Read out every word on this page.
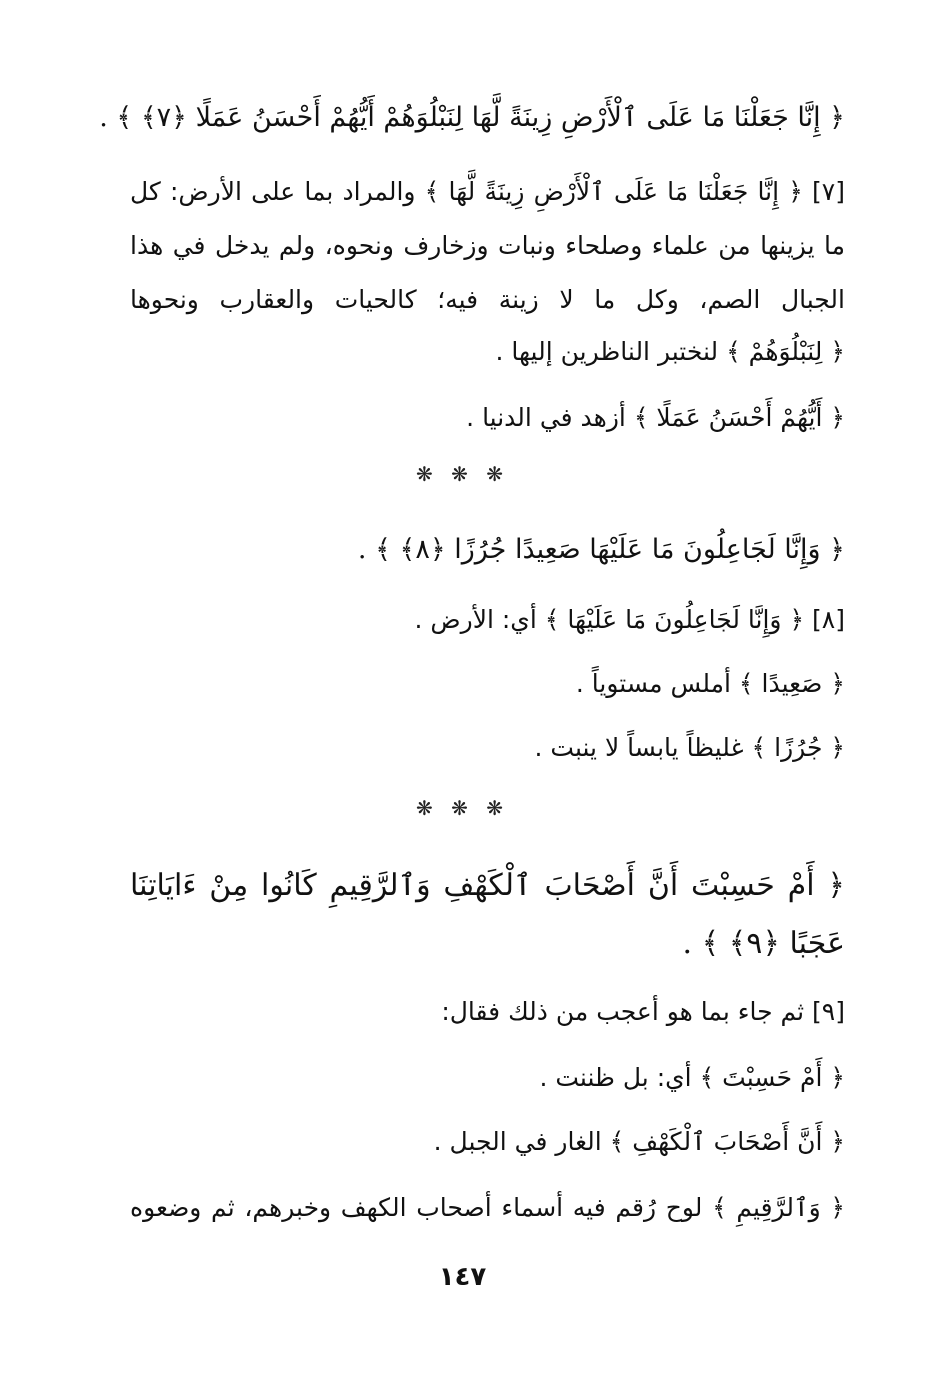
﴿ إِنَّا جَعَلْنَا مَا عَلَى ٱلْأَرْضِ زِينَةً لَّهَا لِنَبْلُوَهُمْ أَيُّهُمْ أَحْسَنُ عَمَلًا ﴿٧﴾ ﴾ .
[٧] ﴿ إِنَّا جَعَلْنَا مَا عَلَى ٱلْأَرْضِ زِينَةً لَّهَا ﴾ والمراد بما على الأرض: كل
ما يزينها من علماء وصلحاء ونبات وزخارف ونحوه، ولم يدخل في هذا
الجبال الصم، وكل ما لا زينة فيه؛ كالحيات والعقارب ونحوها
﴿ لِنَبْلُوَهُمْ ﴾ لنختبر الناظرين إليها .
﴿ أَيُّهُمْ أَحْسَنُ عَمَلًا ﴾ أزهد في الدنيا .
❋ ❋ ❋
﴿ وَإِنَّا لَجَاعِلُونَ مَا عَلَيْهَا صَعِيدًا جُرُزًا ﴿٨﴾ ﴾ .
[٨] ﴿ وَإِنَّا لَجَاعِلُونَ مَا عَلَيْهَا ﴾ أي: الأرض .
﴿ صَعِيدًا ﴾ أملس مستوياً .
﴿ جُرُزًا ﴾ غليظاً يابساً لا ينبت .
❋ ❋ ❋
﴿ أَمْ حَسِبْتَ أَنَّ أَصْحَابَ ٱلْكَهْفِ وَٱلرَّقِيمِ كَانُوا مِنْ ءَايَاتِنَا
عَجَبًا ﴿٩﴾ ﴾ .
[٩] ثم جاء بما هو أعجب من ذلك فقال:
﴿ أَمْ حَسِبْتَ ﴾ أي: بل ظننت .
﴿ أَنَّ أَصْحَابَ ٱلْكَهْفِ ﴾ الغار في الجبل .
﴿ وَٱلرَّقِيمِ ﴾ لوح رُقم فيه أسماء أصحاب الكهف وخبرهم، ثم وضعوه
١٤٧
